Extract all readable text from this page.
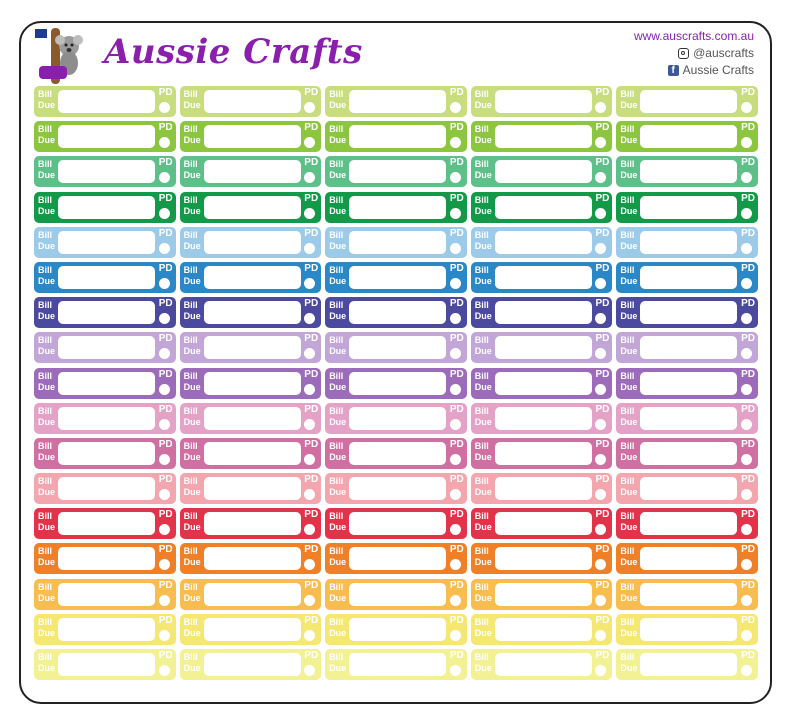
Aussie Crafts	www.auscrafts.com.au
@auscrafts
f Aussie Crafts
Bill
Due
PD Bill
Due
PD Bill
Due
PD Bill
Due
PD Bill
Due
PD
Bill
Due
PD Bill
Due
PD Bill
Due
PD Bill
Due
PD Bill
Due
PD
Bill
Due
PD Bill
Due
PD Bill
Due
PD Bill
Due
PD Bill
Due
PD
Bill
Due
PD Bill
Due
PD Bill
Due
PD Bill
Due
PD Bill
Due
PD
Bill
Due
PD Bill
Due
PD Bill
Due
PD Bill
Due
PD Bill
Due
PD
Bill
Due
PD Bill
Due
PD Bill
Due
PD Bill
Due
PD Bill
Due
PD
Bill
Due
PD Bill
Due
PD Bill
Due
PD Bill
Due
PD Bill
Due
PD
Bill
Due
PD Bill
Due
PD Bill
Due
PD Bill
Due
PD Bill
Due
PD
Bill
Due
PD Bill
Due
PD Bill
Due
PD Bill
Due
PD Bill
Due
PD
Bill
Due
PD Bill
Due
PD Bill
Due
PD Bill
Due
PD Bill
Due
PD
Bill
Due
PD Bill
Due
PD Bill
Due
PD Bill
Due
PD Bill
Due
PD
Bill
Due
PD Bill
Due
PD Bill
Due
PD Bill
Due
PD Bill
Due
PD
Bill
Due
PD Bill
Due
PD Bill
Due
PD Bill
Due
PD Bill
Due
PD
Bill
Due
PD Bill
Due
PD Bill
Due
PD Bill
Due
PD Bill
Due
PD
Bill
Due
PD Bill
Due
PD Bill
Due
PD Bill
Due
PD Bill
Due
PD
Bill
Due
PD Bill
Due
PD Bill
Due
PD Bill
Due
PD Bill
Due
PD
Bill
Due
PD Bill
Due
PD Bill
Due
PD Bill
Due
PD Bill
Due
PD
